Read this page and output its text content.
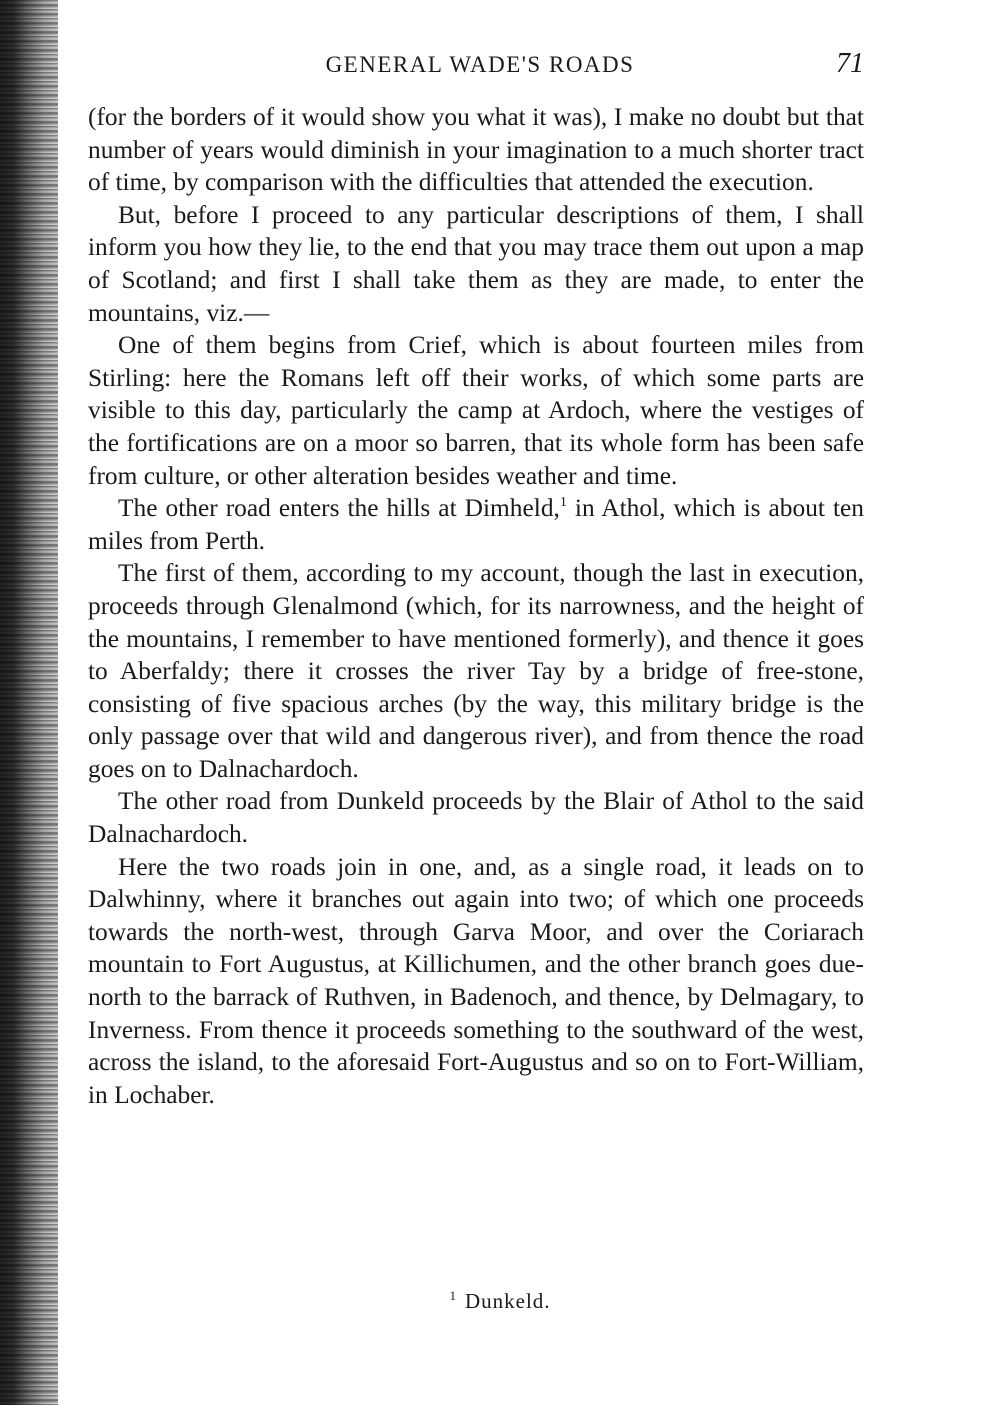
GENERAL WADE'S ROADS	71

(for the borders of it would show you what it was), I make no doubt but that number of years would diminish in your imagination to a much shorter tract of time, by comparison with the difficulties that attended the execution.

But, before I proceed to any particular descriptions of them, I shall inform you how they lie, to the end that you may trace them out upon a map of Scotland; and first I shall take them as they are made, to enter the mountains, viz.—

One of them begins from Crief, which is about fourteen miles from Stirling: here the Romans left off their works, of which some parts are visible to this day, particularly the camp at Ardoch, where the vestiges of the fortifications are on a moor so barren, that its whole form has been safe from culture, or other alteration besides weather and time.

The other road enters the hills at Dimheld,$^1$ in Athol, which is about ten miles from Perth.

The first of them, according to my account, though the last in execution, proceeds through Glenalmond (which, for its narrowness, and the height of the mountains, I remember to have mentioned formerly), and thence it goes to Aberfaldy; there it crosses the river Tay by a bridge of free-stone, consisting of five spacious arches (by the way, this military bridge is the only passage over that wild and dangerous river), and from thence the road goes on to Dalnachardoch.

The other road from Dunkeld proceeds by the Blair of Athol to the said Dalnachardoch.

Here the two roads join in one, and, as a single road, it leads on to Dalwhinny, where it branches out again into two; of which one proceeds towards the north-west, through Garva Moor, and over the Coriarach mountain to Fort Augustus, at Killichumen, and the other branch goes due-north to the barrack of Ruthven, in Badenoch, and thence, by Delmagary, to Inverness. From thence it proceeds something to the southward of the west, across the island, to the aforesaid Fort-Augustus and so on to Fort-William, in Lochaber.

$^1$ Dunkeld.
